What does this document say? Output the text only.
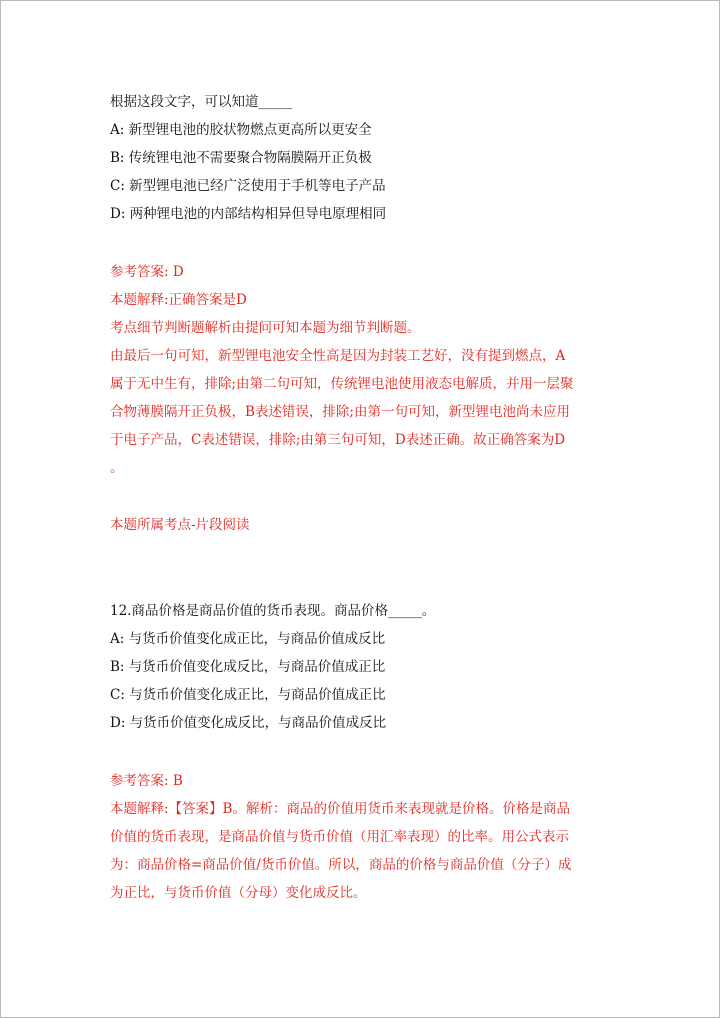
根据这段文字，可以知道_____
A: 新型锂电池的胶状物燃点更高所以更安全
B: 传统锂电池不需要聚合物隔膜隔开正负极
C: 新型锂电池已经广泛使用于手机等电子产品
D: 两种锂电池的内部结构相异但导电原理相同
参考答案: D
本题解释:正确答案是D
考点细节判断题解析由提问可知本题为细节判断题。
由最后一句可知，新型锂电池安全性高是因为封装工艺好，没有提到燃点，A
属于无中生有，排除;由第二句可知，传统锂电池使用液态电解质，并用一层聚
合物薄膜隔开正负极，B表述错误，排除;由第一句可知，新型锂电池尚未应用
于电子产品，C表述错误，排除;由第三句可知，D表述正确。故正确答案为D
。
本题所属考点-片段阅读
12.商品价格是商品价值的货币表现。商品价格_____。
A: 与货币价值变化成正比，与商品价值成反比
B: 与货币价值变化成反比，与商品价值成正比
C: 与货币价值变化成正比，与商品价值成正比
D: 与货币价值变化成反比，与商品价值成反比
参考答案: B
本题解释:【答案】B。解析：商品的价值用货币来表现就是价格。价格是商品
价值的货币表现，是商品价值与货币价值（用汇率表现）的比率。用公式表示
为：商品价格=商品价值/货币价值。所以，商品的价格与商品价值（分子）成
为正比，与货币价值（分母）变化成反比。
